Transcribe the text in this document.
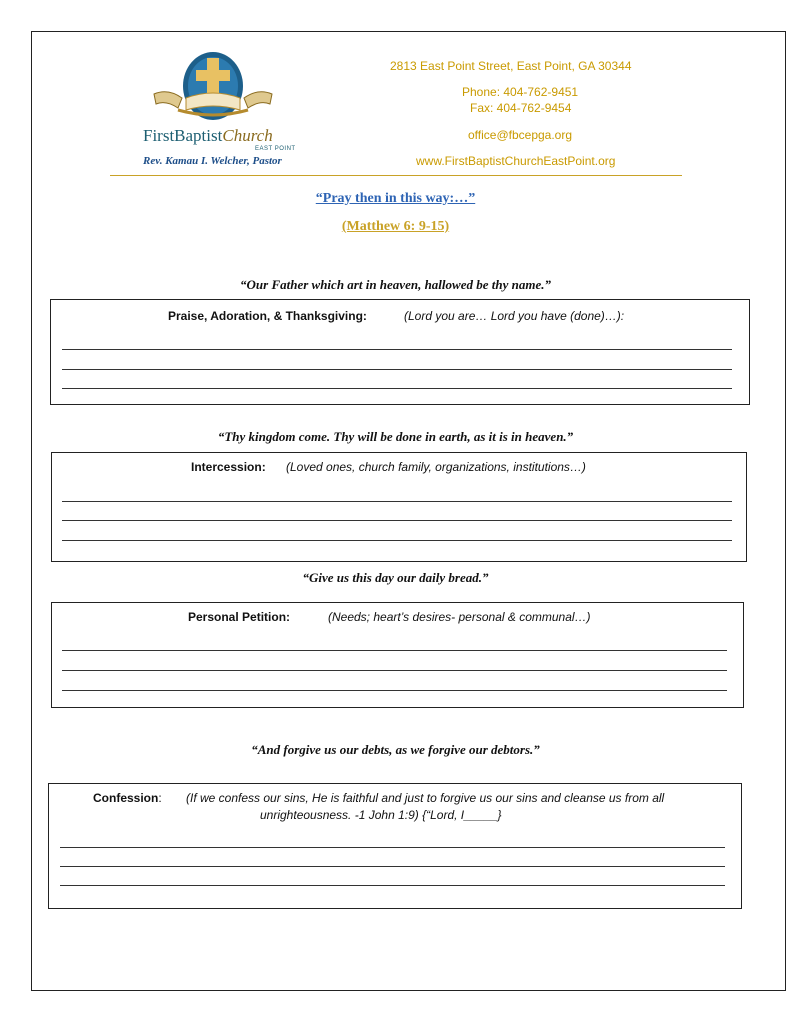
FirstBaptistChurch
EAST POINT
Rev. Kamau I. Welcher, Pastor
2813 East Point Street, East Point, GA 30344
Phone: 404-762-9451
Fax: 404-762-9454
office@fbcepga.org
www.FirstBaptistChurchEastPoint.org
“Pray then in this way:…”
(Matthew 6: 9-15)
“Our Father which art in heaven, hallowed be thy name.”
Praise, Adoration, & Thanksgiving:	(Lord you are… Lord you have (done)…):
“Thy kingdom come. Thy will be done in earth, as it is in heaven.”
Intercession: (Loved ones, church family, organizations, institutions…)
“Give us this day our daily bread.”
Personal Petition:	(Needs; heart’s desires- personal & communal…)
“And forgive us our debts, as we forgive our debtors.”
Confession: (If we confess our sins, He is faithful and just to forgive us our sins and cleanse us from all
unrighteousness. -1 John 1:9) {“Lord, I_____}
